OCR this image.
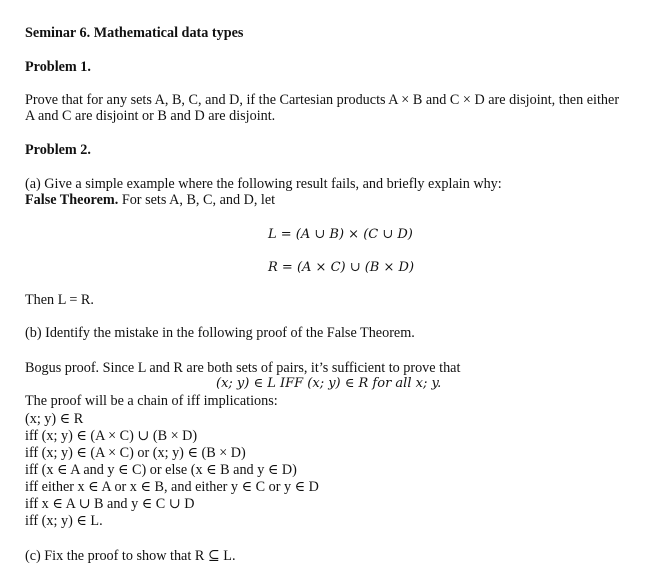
Seminar 6. Mathematical data types
Problem 1.
Prove that for any sets A, B, C, and D, if the Cartesian products A × B and C × D are disjoint, then either
A and C are disjoint or B and D are disjoint.
Problem 2.
(a) Give a simple example where the following result fails, and briefly explain why:
False Theorem. For sets A, B, C, and D, let
L = (A ∪ B) × (C ∪ D)
R = (A × C) ∪ (B × D)
Then L = R.
(b) Identify the mistake in the following proof of the False Theorem.
Bogus proof. Since L and R are both sets of pairs, it’s sufficient to prove that
(x; y) ∈ L IFF (x; y) ∈ R for all x; y.
The proof will be a chain of iff implications:
(x; y) ∈ R
iff (x; y) ∈ (A × C) ∪ (B × D)
iff (x; y) ∈ (A × C) or (x; y) ∈ (B × D)
iff (x ∈ A and y ∈ C) or else (x ∈ B and y ∈ D)
iff either x ∈ A or x ∈ B, and either y ∈ C or y ∈ D
iff x ∈ A ∪ B and y ∈ C ∪ D
iff (x; y) ∈ L.
(c) Fix the proof to show that R ⊆ L.
